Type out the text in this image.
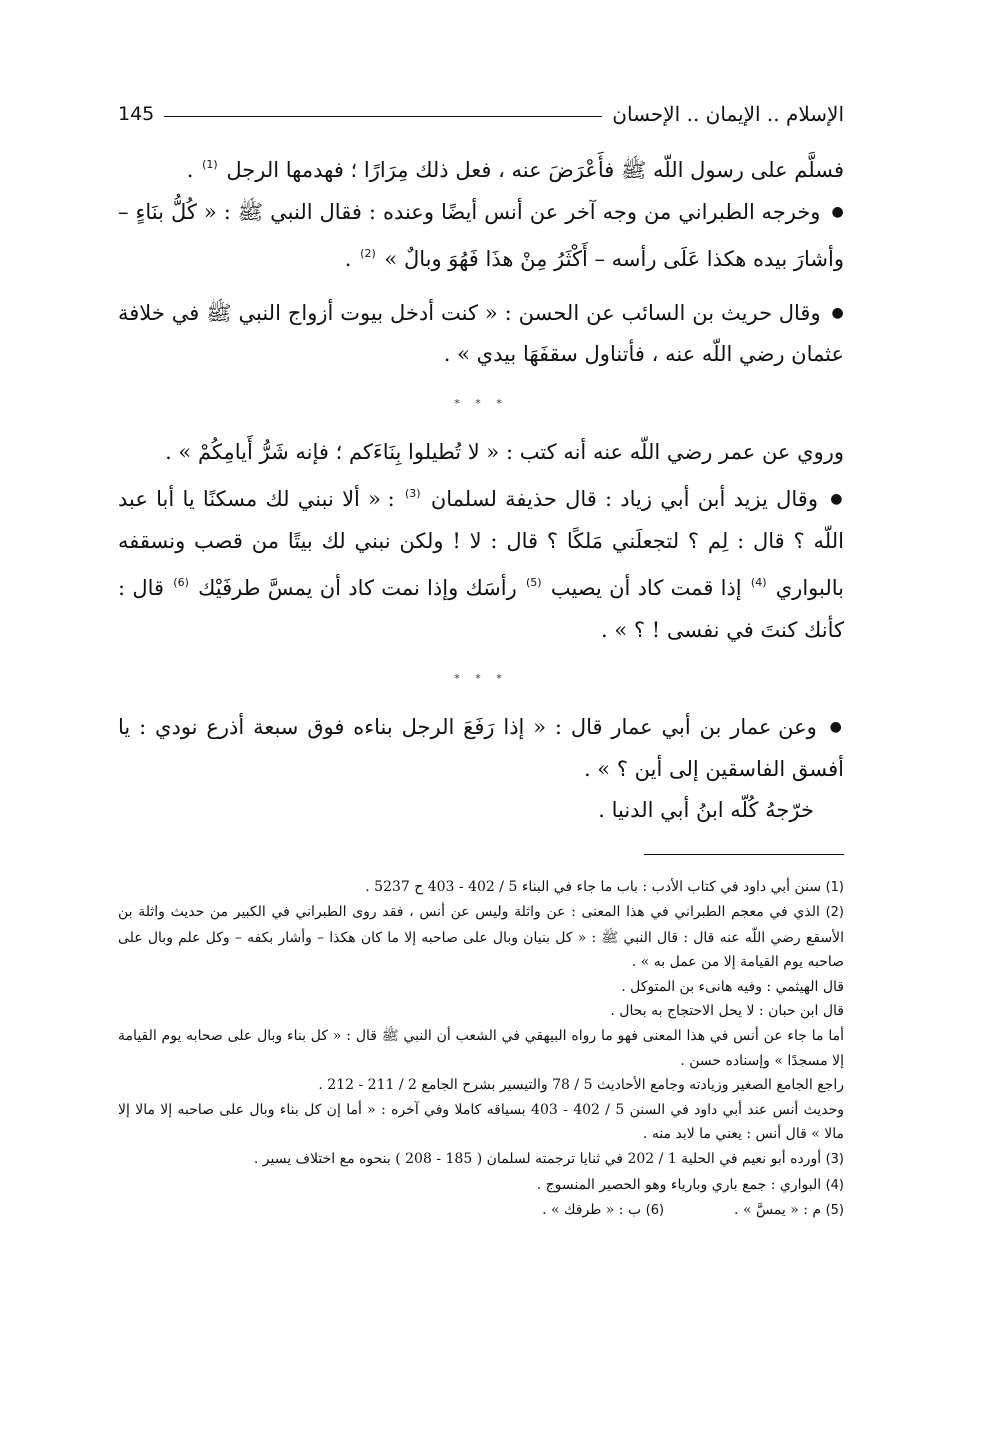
الإسلام .. الإيمان .. الإحسان
145

فسلَّم على رسول اللّه ﷺ فأَعْرَضَ عنه ، فعل ذلك مِرَارًا ؛ فهدمها الرجل $^{(1)}$ .

● وخرجه الطبراني من وجه آخر عن أنس أيضًا وعنده : فقال النبي ﷺ : « كُلُّ بنَاءٍ – وأشارَ بيده هكذا عَلَى رأسه – أَكْثَرُ مِنْ هذَا فَهُوَ وبالٌ » $^{(2)}$ .

● وقال حريث بن السائب عن الحسن : « كنت أدخل بيوت أزواج النبي ﷺ في خلافة عثمان رضي اللّه عنه ، فأتناول سقفَهَا بيدي » .

* * *

وروي عن عمر رضي اللّه عنه أنه كتب : « لا تُطيلوا بِنَاءَكم ؛ فإنه شَرُّ أَيامِكُمْ » .

● وقال يزيد أبن أبي زياد : قال حذيفة لسلمان $^{(3)}$ : « ألا نبني لك مسكنًا يا أبا عبد اللّه ؟ قال : لِم ؟ لتجعلَني مَلكًا ؟ قال : لا ! ولكن نبني لك بيتًا من قصب ونسقفه بالبواري $^{(4)}$ إذا قمت كاد أن يصيب $^{(5)}$ رأسَك وإذا نمت كاد أن يمسَّ طرفَيْك $^{(6)}$ قال : كأنك كنتَ في نفسى ! ؟ » .

* * *

● وعن عمار بن أبي عمار قال : « إذا رَفَعَ الرجل بناءه فوق سبعة أذرع نودي : يا أفسق الفاسقين إلى أين ؟ » .

خرّجهُ كُلّه ابنُ أبي الدنيا .

(1) سنن أبي داود في كتاب الأدب : باب ما جاء في البناء 5 / 402 - 403 ح 5237 .

(2) الذي في معجم الطبراني في هذا المعنى : عن واثلة وليس عن أنس ، فقد روى الطبراني في الكبير من حديث واثلة بن الأسقع رضي اللّه عنه قال : قال النبي ﷺ : « كل بنيان وبال على صاحبه إلا ما كان هكذا – وأشار بكفه – وكل علم وبال على صاحبه يوم القيامة إلا من عمل به » .

قال الهيثمي : وفيه هانىء بن المتوكل .

قال ابن حبان : لا يحل الاحتجاج به بحال .

أما ما جاء عن أنس في هذا المعنى فهو ما رواه البيهقي في الشعب أن النبي ﷺ قال : « كل بناء وبال على صحابه يوم القيامة إلا مسجدًا » وإسناده حسن .

راجع الجامع الصغير وزيادته وجامع الأحاديث 5 / 78 والتيسير بشرح الجامع 2 / 211 - 212 .

وحديث أنس عند أبي داود في السنن 5 / 402 - 403 بسياقه كاملا وفي آخره : « أما إن كل بناء وبال على صاحبه إلا مالا إلا مالا » قال أنس : يعني ما لابد منه .

(3) أورده أبو نعيم في الحلية 1 / 202 في ثنايا ترجمته لسلمان ( 185 - 208 ) بنحوه مع اختلاف يسير .

(4) البواري : جمع باري وبارياء وهو الحصير المنسوج .

(5) م : « يمسَّ » .

(6) ب : « طرفك » .
